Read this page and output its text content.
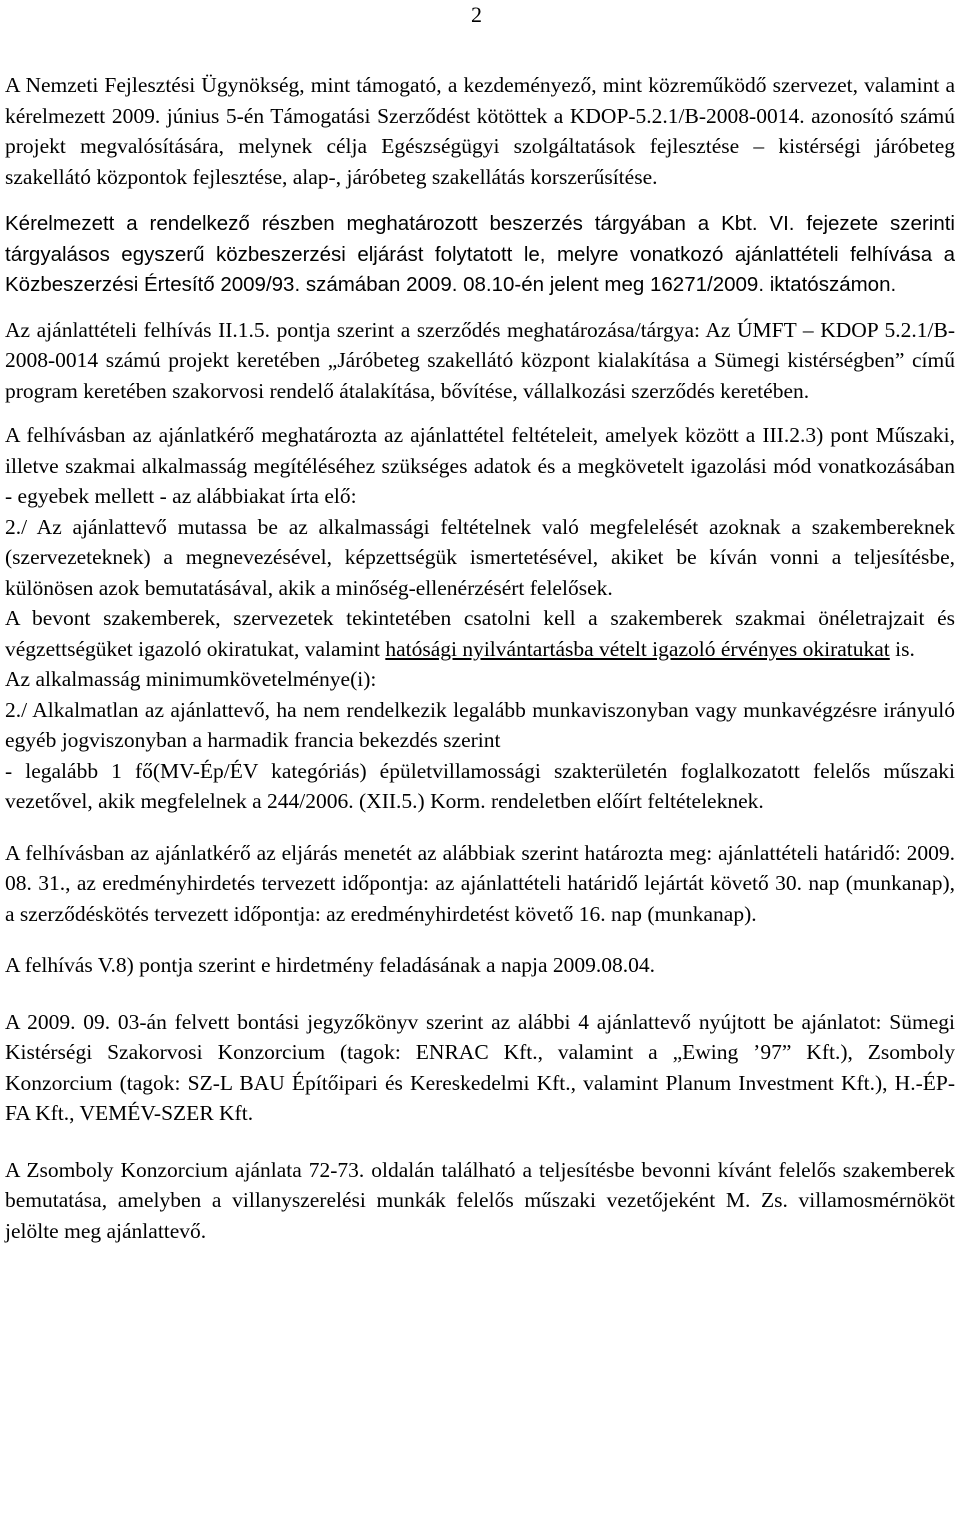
2

A Nemzeti Fejlesztési Ügynökség, mint támogató, a kezdeményező, mint közreműködő szervezet, valamint a kérelmezett 2009. június 5-én Támogatási Szerződést kötöttek a KDOP-5.2.1/B-2008-0014. azonosító számú projekt megvalósítására, melynek célja Egészségügyi szolgáltatások fejlesztése – kistérségi járóbeteg szakellátó központok fejlesztése, alap-, járóbeteg szakellátás korszerűsítése.

Kérelmezett a rendelkező részben meghatározott beszerzés tárgyában a Kbt. VI. fejezete szerinti tárgyalásos egyszerű közbeszerzési eljárást folytatott le, melyre vonatkozó ajánlattételi felhívása a Közbeszerzési Értesítő 2009/93. számában 2009. 08.10-én jelent meg 16271/2009. iktatószámon.

Az ajánlattételi felhívás II.1.5. pontja szerint a szerződés meghatározása/tárgya: Az ÚMFT – KDOP 5.2.1/B-2008-0014 számú projekt keretében „Járóbeteg szakellátó központ kialakítása a Sümegi kistérségben” című program keretében szakorvosi rendelő átalakítása, bővítése, vállalkozási szerződés keretében.

A felhívásban az ajánlatkérő meghatározta az ajánlattétel feltételeit, amelyek között a III.2.3) pont Műszaki, illetve szakmai alkalmasság megítéléséhez szükséges adatok és a megkövetelt igazolási mód vonatkozásában - egyebek mellett - az alábbiakat írta elő:

2./ Az ajánlattevő mutassa be az alkalmassági feltételnek való megfelelését azoknak a szakembereknek (szervezeteknek) a megnevezésével, képzettségük ismertetésével, akiket be kíván vonni a teljesítésbe, különösen azok bemutatásával, akik a minőség-ellenérzésért felelősek.

A bevont szakemberek, szervezetek tekintetében csatolni kell a szakemberek szakmai önéletrajzait és végzettségüket igazoló okiratukat, valamint hatósági nyilvántartásba vételt igazoló érvényes okiratukat is.

Az alkalmasság minimumkövetelménye(i):

2./ Alkalmatlan az ajánlattevő, ha nem rendelkezik legalább munkaviszonyban vagy munkavégzésre irányuló egyéb jogviszonyban a harmadik francia bekezdés szerint

- legalább 1 fő(MV-Ép/ÉV kategóriás) épületvillamossági szakterületén foglalkozatott felelős műszaki vezetővel, akik megfelelnek a 244/2006. (XII.5.) Korm. rendeletben előírt feltételeknek.

A felhívásban az ajánlatkérő az eljárás menetét az alábbiak szerint határozta meg: ajánlattételi határidő: 2009. 08. 31., az eredményhirdetés tervezett időpontja: az ajánlattételi határidő lejártát követő 30. nap (munkanap), a szerződéskötés tervezett időpontja: az eredményhirdetést követő 16. nap (munkanap).

A felhívás V.8) pontja szerint e hirdetmény feladásának a napja 2009.08.04.

A 2009. 09. 03-án felvett bontási jegyzőkönyv szerint az alábbi 4 ajánlattevő nyújtott be ajánlatot: Sümegi Kistérségi Szakorvosi Konzorcium (tagok: ENRAC Kft., valamint a „Ewing ’97” Kft.), Zsomboly Konzorcium (tagok: SZ-L BAU Építőipari és Kereskedelmi Kft., valamint Planum Investment Kft.), H.-ÉP-FA Kft., VEMÉV-SZER Kft.

A Zsomboly Konzorcium ajánlata 72-73. oldalán található a teljesítésbe bevonni kívánt felelős szakemberek bemutatása, amelyben a villanyszerelési munkák felelős műszaki vezetőjeként M. Zs. villamosmérnököt jelölte meg ajánlattevő.
